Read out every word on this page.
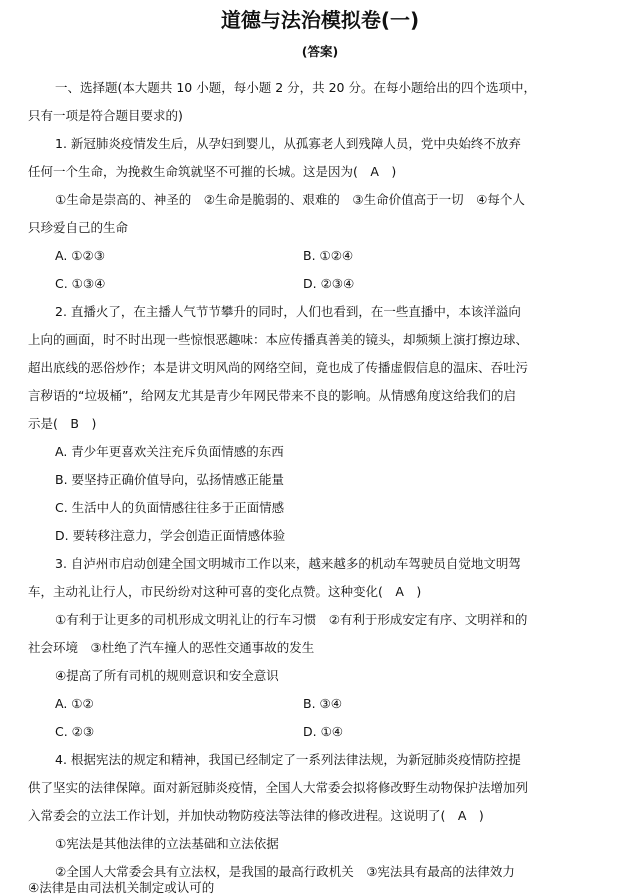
道德与法治模拟卷(一)
(答案)
一、选择题(本大题共 10 小题，每小题 2 分，共 20 分。在每小题给出的四个选项中，
只有一项是符合题目要求的)
1. 新冠肺炎疫情发生后，从孕妇到婴儿，从孤寡老人到残障人员，党中央始终不放弃
任何一个生命，为挽救生命筑就坚不可摧的长城。这是因为(　A　)
①生命是崇高的、神圣的　②生命是脆弱的、艰难的　③生命价值高于一切　④每个人
只珍爱自己的生命
A. ①②③	B. ①②④
C. ①③④	D. ②③④
2. 直播火了，在主播人气节节攀升的同时，人们也看到，在一些直播中，本该洋溢向
上向的画面，时不时出现一些惊恨恶趣味：本应传播真善美的镜头，却频频上演打擦边球、
超出底线的恶俗炒作；本是讲文明风尚的网络空间，竟也成了传播虚假信息的温床、吞吐污
言秽语的“垃圾桶”，给网友尤其是青少年网民带来不良的影响。从情感角度这给我们的启
示是(　B　)
A. 青少年更喜欢关注充斥负面情感的东西
B. 要坚持正确价值导向，弘扬情感正能量
C. 生活中人的负面情感往往多于正面情感
D. 要转移注意力，学会创造正面情感体验
3. 自泸州市启动创建全国文明城市工作以来，越来越多的机动车驾驶员自觉地文明驾
车，主动礼让行人，市民纷纷对这种可喜的变化点赞。这种变化(　A　)
①有利于让更多的司机形成文明礼让的行车习惯　②有利于形成安定有序、文明祥和的
社会环境　③杜绝了汽车撞人的恶性交通事故的发生
④提高了所有司机的规则意识和安全意识
A. ①②	B. ③④
C. ②③	D. ①④
4. 根据宪法的规定和精神，我国已经制定了一系列法律法规，为新冠肺炎疫情防控提
供了坚实的法律保障。面对新冠肺炎疫情，全国人大常委会拟将修改野生动物保护法增加列
入常委会的立法工作计划，并加快动物防疫法等法律的修改进程。这说明了(　A　)
①宪法是其他法律的立法基础和立法依据
②全国人大常委会具有立法权，是我国的最高行政机关　③宪法具有最高的法律效力
④法律是由司法机关制定或认可的
